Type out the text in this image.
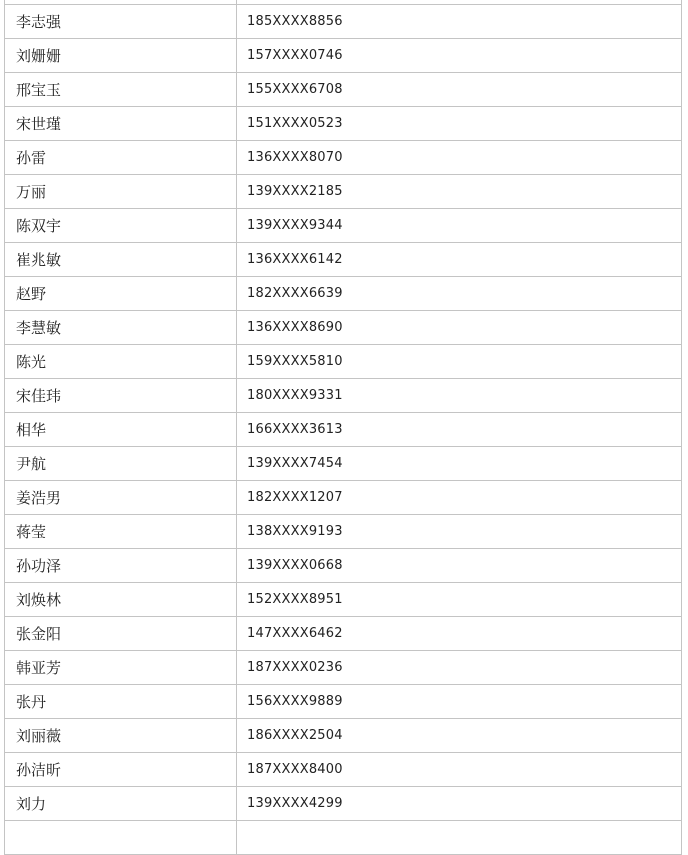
李志强	185XXXX8856
刘姗姗	157XXXX0746
邢宝玉	155XXXX6708
宋世瑾	151XXXX0523
孙雷	136XXXX8070
万丽	139XXXX2185
陈双宇	139XXXX9344
崔兆敏	136XXXX6142
赵野	182XXXX6639
李慧敏	136XXXX8690
陈光	159XXXX5810
宋佳玮	180XXXX9331
相华	166XXXX3613
尹航	139XXXX7454
姜浩男	182XXXX1207
蒋莹	138XXXX9193
孙功泽	139XXXX0668
刘焕林	152XXXX8951
张金阳	147XXXX6462
韩亚芳	187XXXX0236
张丹	156XXXX9889
刘丽薇	186XXXX2504
孙洁昕	187XXXX8400
刘力	139XXXX4299
